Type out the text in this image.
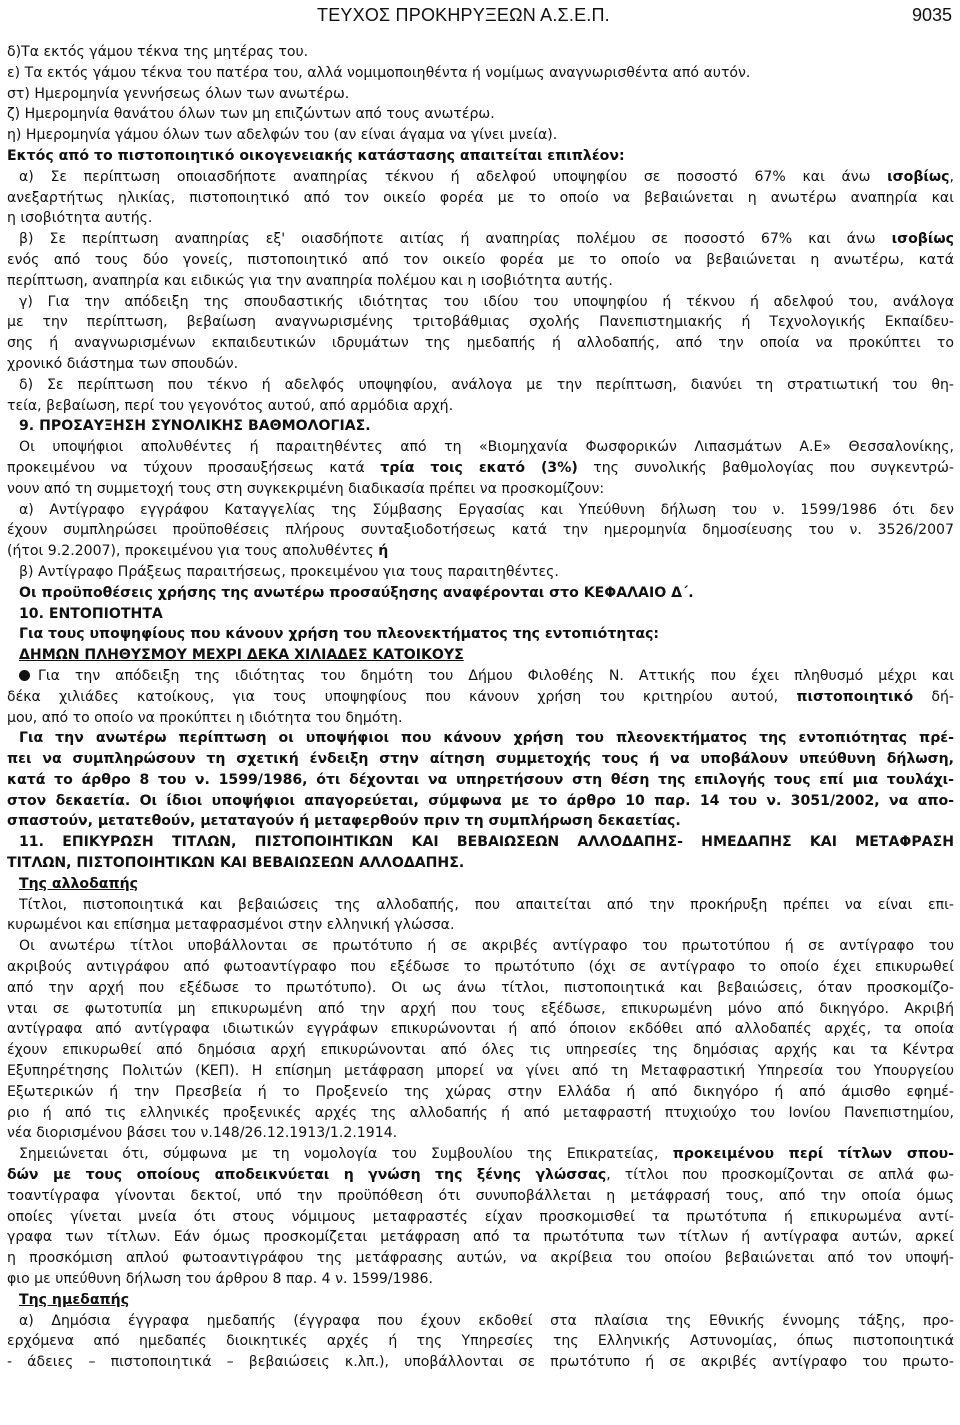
ΤΕΥΧΟΣ ΠΡΟΚΗΡΥΞΕΩΝ Α.Σ.Ε.Π.	9035
δ)Τα εκτός γάμου τέκνα της μητέρας του.
ε) Τα εκτός γάμου τέκνα του πατέρα του, αλλά νομιμοποιηθέντα ή νομίμως αναγνωρισθέντα από αυτόν.
στ) Ημερομηνία γεννήσεως όλων των ανωτέρω.
ζ) Ημερομηνία θανάτου όλων των μη επιζώντων από τους ανωτέρω.
η) Ημερομηνία γάμου όλων των αδελφών του (αν είναι άγαμα να γίνει μνεία).
Εκτός από το πιστοποιητικό οικογενειακής κατάστασης απαιτείται επιπλέον:
α) Σε περίπτωση οποιασδήποτε αναπηρίας τέκνου ή αδελφού υποψηφίου σε ποσοστό 67% και άνω ισοβίως,
ανεξαρτήτως ηλικίας, πιστοποιητικό από τον οικείο φορέα με το οποίο να βεβαιώνεται η ανωτέρω αναπηρία και
η ισοβιότητα αυτής.
β) Σε περίπτωση αναπηρίας εξ' οιασδήποτε αιτίας ή αναπηρίας πολέμου σε ποσοστό 67% και άνω ισοβίως
ενός από τους δύο γονείς, πιστοποιητικό από τον οικείο φορέα με το οποίο να βεβαιώνεται η ανωτέρω, κατά
περίπτωση, αναπηρία και ειδικώς για την αναπηρία πολέμου και η ισοβιότητα αυτής.
γ) Για την απόδειξη της σπουδαστικής ιδιότητας του ιδίου του υποψηφίου ή τέκνου ή αδελφού του, ανάλογα
με την περίπτωση, βεβαίωση αναγνωρισμένης τριτοβάθμιας σχολής Πανεπιστημιακής ή Τεχνολογικής Εκπαίδευ-
σης ή αναγνωρισμένων εκπαιδευτικών ιδρυμάτων της ημεδαπής ή αλλοδαπής, από την οποία να προκύπτει το
χρονικό διάστημα των σπουδών.
δ) Σε περίπτωση που τέκνο ή αδελφός υποψηφίου, ανάλογα με την περίπτωση, διανύει τη στρατιωτική του θη-
τεία, βεβαίωση, περί του γεγονότος αυτού, από αρμόδια αρχή.
9. ΠΡΟΣΑΥΞΗΣΗ ΣΥΝΟΛΙΚΗΣ ΒΑΘΜΟΛΟΓΙΑΣ.
Οι υποψήφιοι απολυθέντες ή παραιτηθέντες από τη «Βιομηχανία Φωσφορικών Λιπασμάτων Α.Ε» Θεσσαλονίκης,
προκειμένου να τύχουν προσαυξήσεως κατά τρία τοις εκατό (3%) της συνολικής βαθμολογίας που συγκεντρώ-
νουν από τη συμμετοχή τους στη συγκεκριμένη διαδικασία πρέπει να προσκομίζουν:
α) Αντίγραφο εγγράφου Καταγγελίας της Σύμβασης Εργασίας και Υπεύθυνη δήλωση του ν. 1599/1986 ότι δεν
έχουν συμπληρώσει προϋποθέσεις πλήρους συνταξιοδοτήσεως κατά την ημερομηνία δημοσίευσης του ν. 3526/2007
(ήτοι 9.2.2007), προκειμένου για τους απολυθέντες ή
β) Αντίγραφο Πράξεως παραιτήσεως, προκειμένου για τους παραιτηθέντες.
Οι προϋποθέσεις χρήσης της ανωτέρω προσαύξησης αναφέρονται στο ΚΕΦΑΛΑΙΟ Δ΄.
10. ΕΝΤΟΠΙΟΤΗΤΑ
Για τους υποψηφίους που κάνουν χρήση του πλεονεκτήματος της εντοπιότητας:
ΔΗΜΩΝ ΠΛΗΘΥΣΜΟΥ ΜΕΧΡΙ ΔΕΚΑ ΧΙΛΙΑΔΕΣ ΚΑΤΟΙΚΟΥΣ
Για την απόδειξη της ιδιότητας του δημότη του Δήμου Φιλοθέης Ν. Αττικής που έχει πληθυσμό μέχρι και
δέκα χιλιάδες κατοίκους, για τους υποψηφίους που κάνουν χρήση του κριτηρίου αυτού, πιστοποιητικό δή-
μου, από το οποίο να προκύπτει η ιδιότητα του δημότη.
Για την ανωτέρω περίπτωση οι υποψήφιοι που κάνουν χρήση του πλεονεκτήματος της εντοπιότητας πρέ-
πει να συμπληρώσουν τη σχετική ένδειξη στην αίτηση συμμετοχής τους ή να υποβάλουν υπεύθυνη δήλωση,
κατά το άρθρο 8 του ν. 1599/1986, ότι δέχονται να υπηρετήσουν στη θέση της επιλογής τους επί μια τουλάχι-
στον δεκαετία. Οι ίδιοι υποψήφιοι απαγορεύεται, σύμφωνα με το άρθρο 10 παρ. 14 του ν. 3051/2002, να απο-
σπαστούν, μετατεθούν, μεταταγούν ή μεταφερθούν πριν τη συμπλήρωση δεκαετίας.
11. ΕΠΙΚΥΡΩΣΗ ΤΙΤΛΩΝ, ΠΙΣΤΟΠΟΙΗΤΙΚΩΝ ΚΑΙ ΒΕΒΑΙΩΣΕΩΝ ΑΛΛΟΔΑΠΗΣ- ΗΜΕΔΑΠΗΣ ΚΑΙ ΜΕΤΑΦΡΑΣΗ
ΤΙΤΛΩΝ, ΠΙΣΤΟΠΟΙΗΤΙΚΩΝ ΚΑΙ ΒΕΒΑΙΩΣΕΩΝ ΑΛΛΟΔΑΠΗΣ.
Της αλλοδαπής
Τίτλοι, πιστοποιητικά και βεβαιώσεις της αλλοδαπής, που απαιτείται από την προκήρυξη πρέπει να είναι επι-
κυρωμένοι και επίσημα μεταφρασμένοι στην ελληνική γλώσσα.
Οι ανωτέρω τίτλοι υποβάλλονται σε πρωτότυπο ή σε ακριβές αντίγραφο του πρωτοτύπου ή σε αντίγραφο του
ακριβούς αντιγράφου από φωτοαντίγραφο που εξέδωσε το πρωτότυπο (όχι σε αντίγραφο το οποίο έχει επικυρωθεί
από την αρχή που εξέδωσε το πρωτότυπο). Οι ως άνω τίτλοι, πιστοποιητικά και βεβαιώσεις, όταν προσκομίζο-
νται σε φωτοτυπία μη επικυρωμένη από την αρχή που τους εξέδωσε, επικυρωμένη μόνο από δικηγόρο. Ακριβή
αντίγραφα από αντίγραφα ιδιωτικών εγγράφων επικυρώνονται ή από όποιον εκδόθει από αλλοδαπές αρχές, τα οποία
έχουν επικυρωθεί από δημόσια αρχή επικυρώνονται από όλες τις υπηρεσίες της δημόσιας αρχής και τα Κέντρα
Εξυπηρέτησης Πολιτών (ΚΕΠ). Η επίσημη μετάφραση μπορεί να γίνει από τη Μεταφραστική Υπηρεσία του Υπουργείου
Εξωτερικών ή την Πρεσβεία ή το Προξενείο της χώρας στην Ελλάδα ή από δικηγόρο ή από άμισθο εφημέ-
ριο ή από τις ελληνικές προξενικές αρχές της αλλοδαπής ή από μεταφραστή πτυχιούχο του Ιονίου Πανεπιστημίου,
νέα διορισμένου βάσει του ν.148/26.12.1913/1.2.1914.
Σημειώνεται ότι, σύμφωνα με τη νομολογία του Συμβουλίου της Επικρατείας, προκειμένου περί τίτλων σπου-
δών με τους οποίους αποδεικνύεται η γνώση της ξένης γλώσσας, τίτλοι που προσκομίζονται σε απλά φω-
τοαντίγραφα γίνονται δεκτοί, υπό την προϋπόθεση ότι συνυποβάλλεται η μετάφρασή τους, από την οποία όμως
οποίες γίνεται μνεία ότι στους νόμιμους μεταφραστές είχαν προσκομισθεί τα πρωτότυπα ή επικυρωμένα αντί-
γραφα των τίτλων. Εάν όμως προσκομίζεται μετάφραση από τα πρωτότυπα των τίτλων ή αντίγραφα αυτών, αρκεί
η προσκόμιση απλού φωτοαντιγράφου της μετάφρασης αυτών, να ακρίβεια του οποίου βεβαιώνεται από τον υποψή-
φιο με υπεύθυνη δήλωση του άρθρου 8 παρ. 4 ν. 1599/1986.
Της ημεδαπής
α) Δημόσια έγγραφα ημεδαπής (έγγραφα που έχουν εκδοθεί στα πλαίσια της Εθνικής έννομης τάξης, προ-
ερχόμενα από ημεδαπές διοικητικές αρχές ή της Υπηρεσίες της Ελληνικής Αστυνομίας, όπως πιστοποιητικά
- άδειες – πιστοποιητικά – βεβαιώσεις κ.λπ.), υποβάλλονται σε πρωτότυπο ή σε ακριβές αντίγραφο του πρωτο-
